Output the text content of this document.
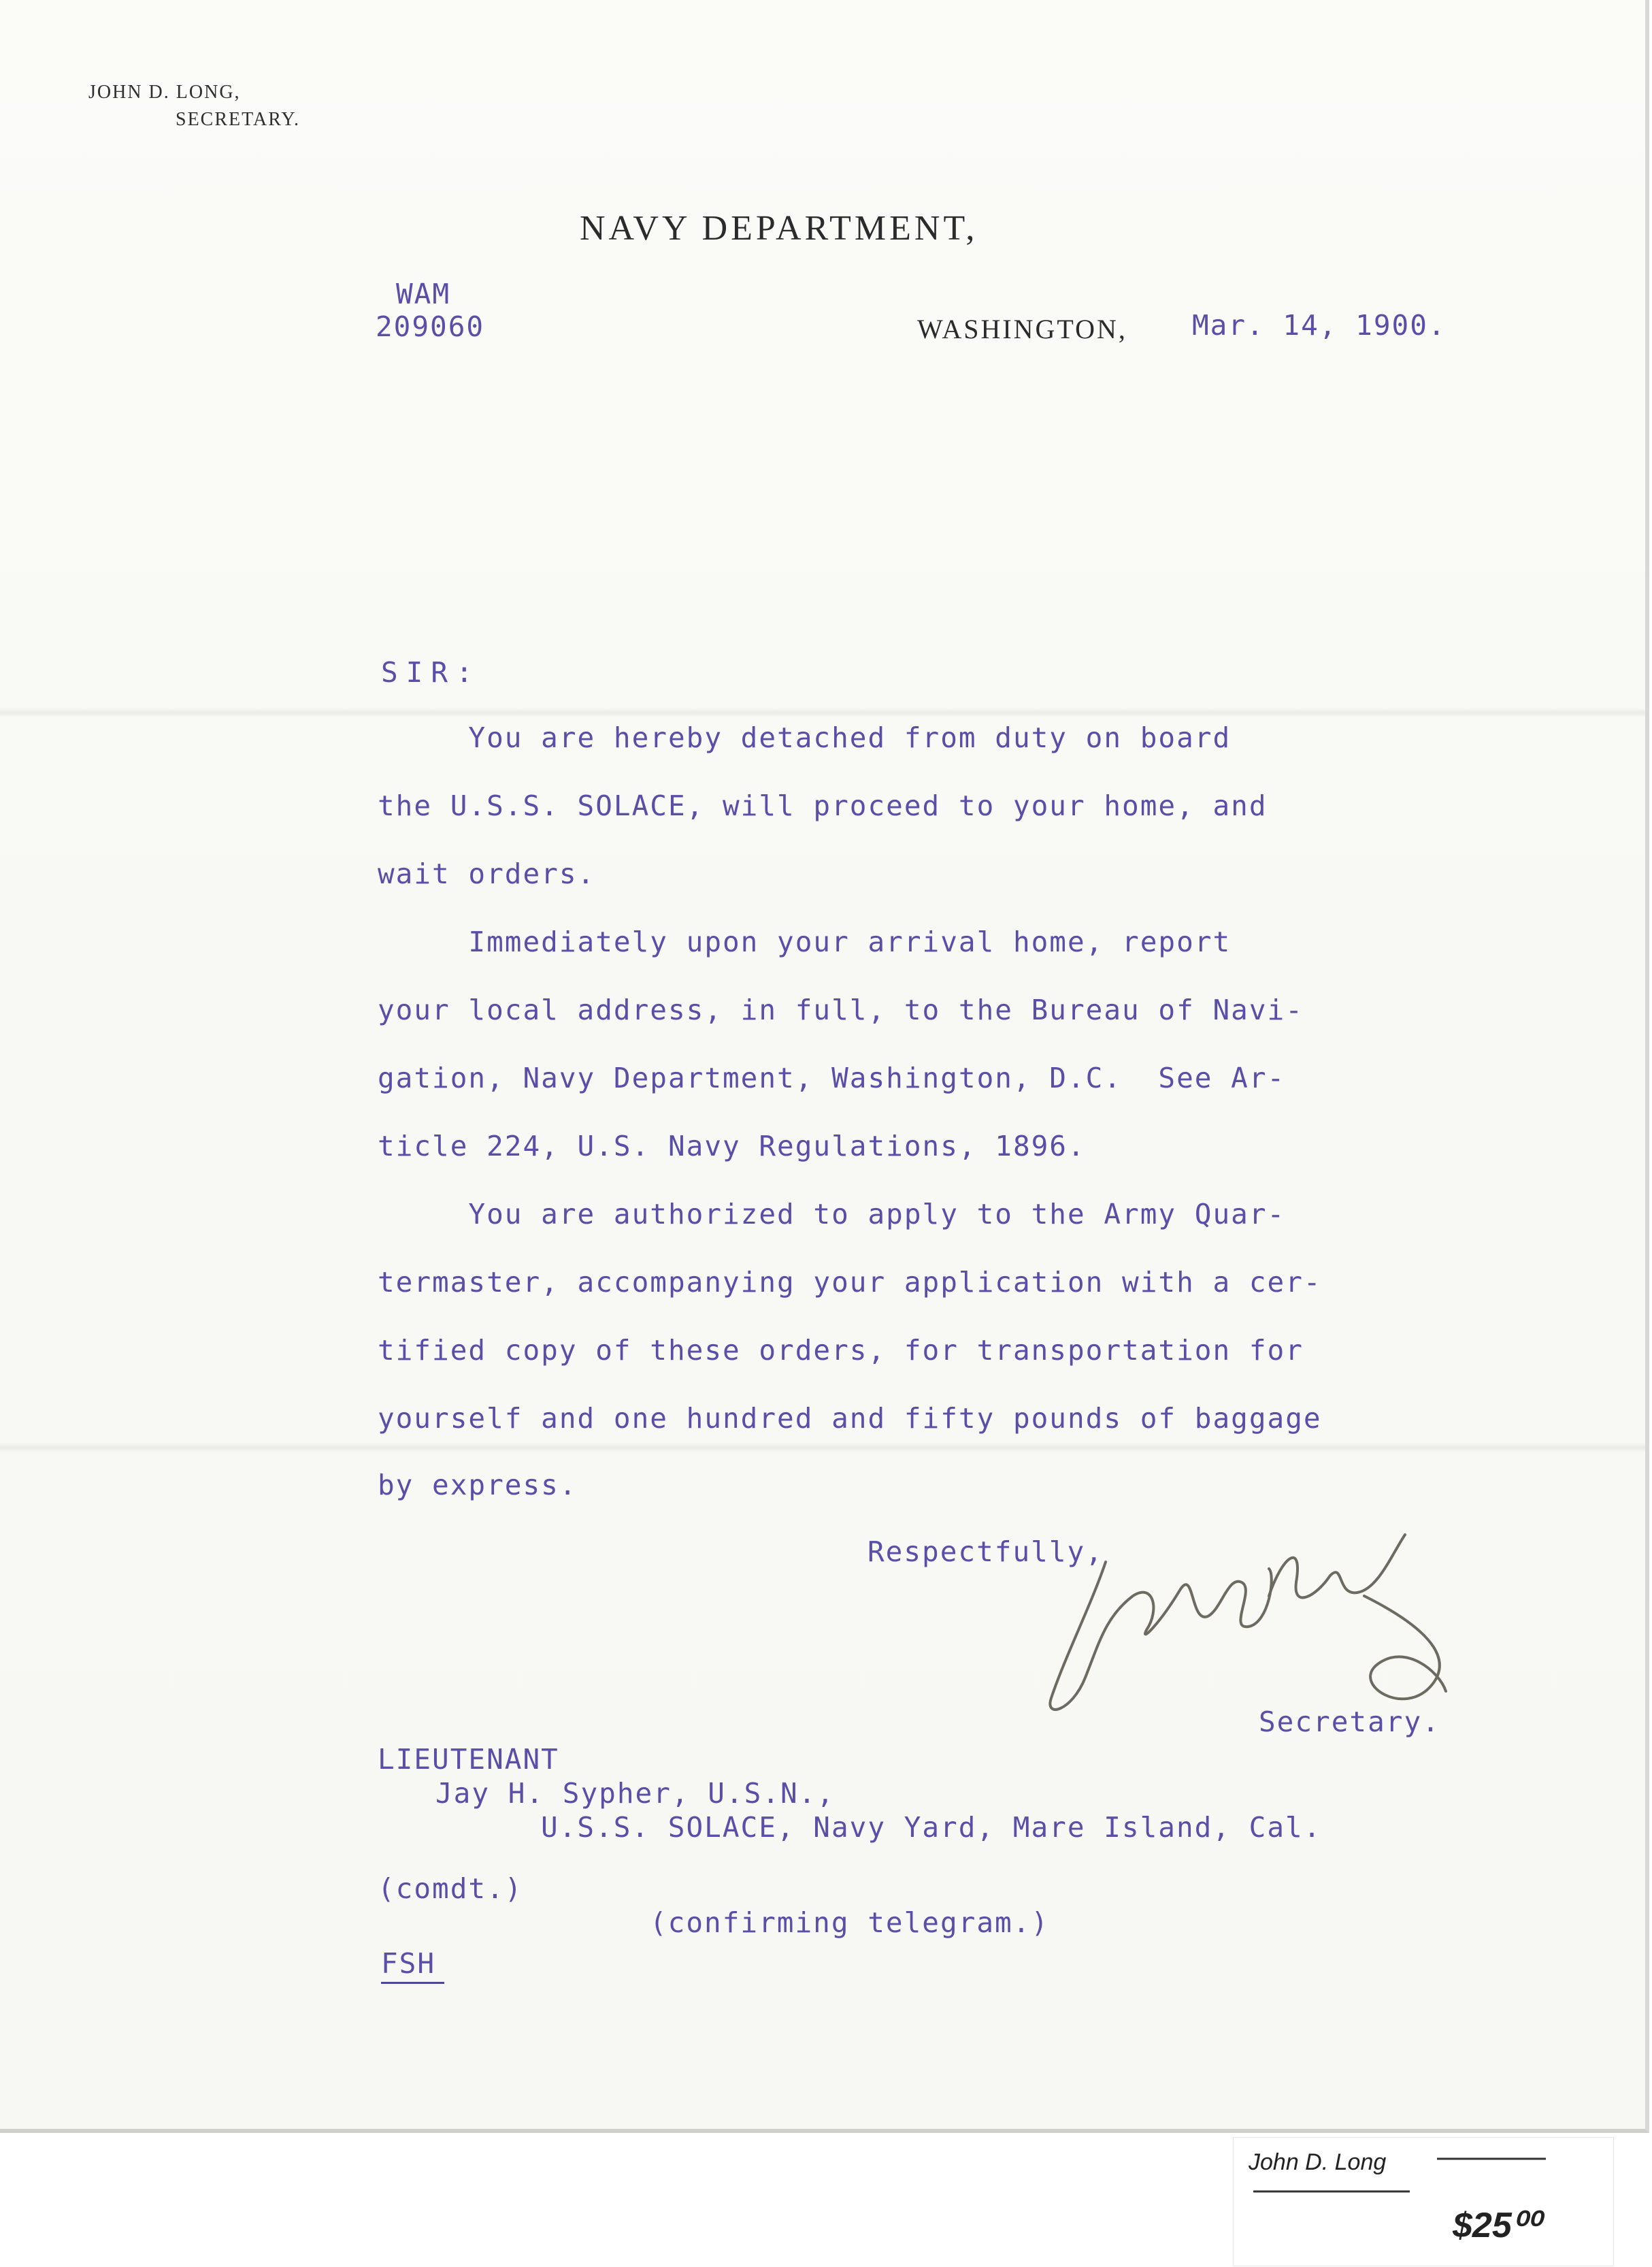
JOHN D. LONG,
SECRETARY.
NAVY DEPARTMENT,
WAM
209060	WASHINGTON, Mar. 14, 1900.
SIR:
You are hereby detached from duty on board
the U.S.S. SOLACE, will proceed to your home, and
wait orders.
Immediately upon your arrival home, report
your local address, in full, to the Bureau of Navi-
gation, Navy Department, Washington, D.C.  See Ar-
ticle 224, U.S. Navy Regulations, 1896.
You are authorized to apply to the Army Quar-
termaster, accompanying your application with a cer-
tified copy of these orders, for transportation for
yourself and one hundred and fifty pounds of baggage
by express.
Respectfully,
Secretary.
LIEUTENANT
Jay H. Sypher, U.S.N.,
U.S.S. SOLACE, Navy Yard, Mare Island, Cal.
(comdt.)
(confirming telegram.)
FSH
John D. Long
$25⁰⁰
